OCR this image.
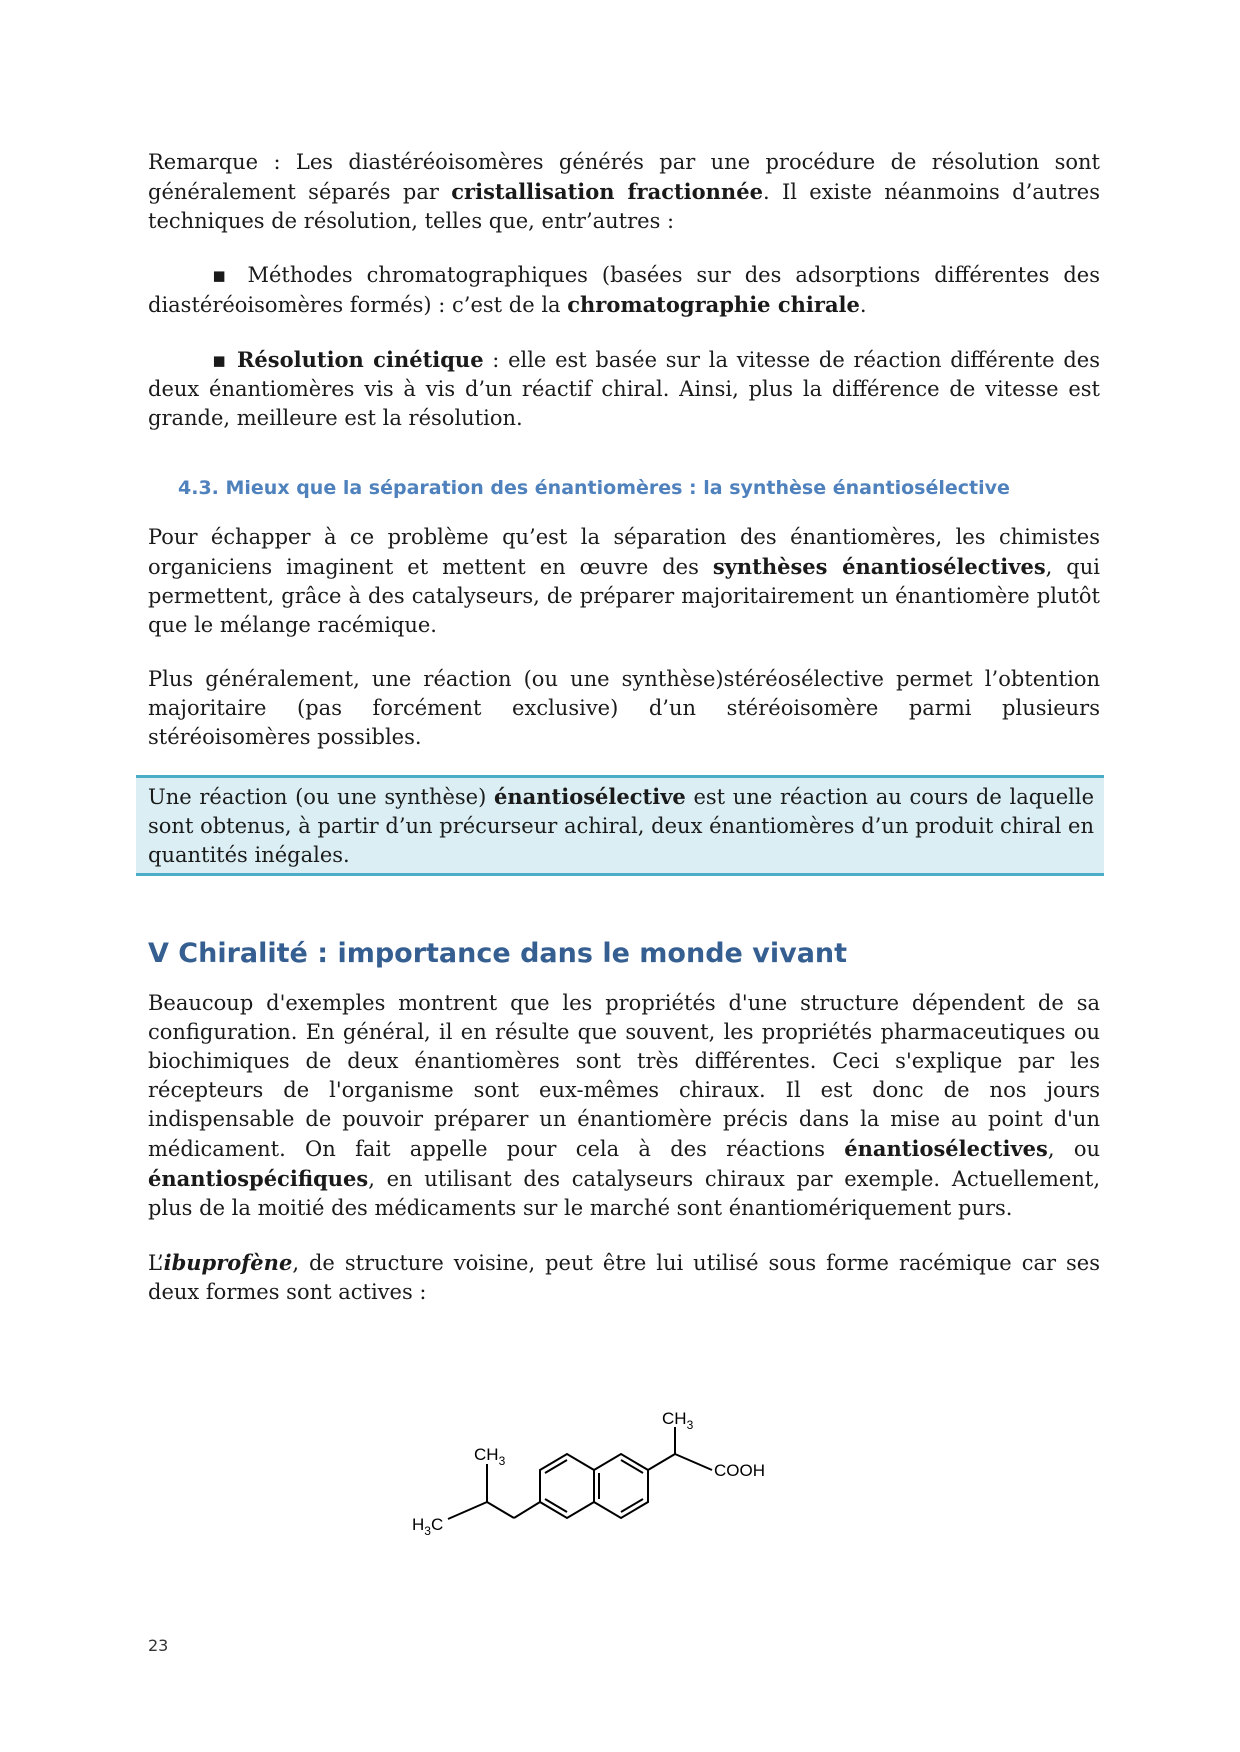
Remarque : Les diastéréoisomères générés par une procédure de résolution sont généralement séparés par cristallisation fractionnée. Il existe néanmoins d’autres techniques de résolution, telles que, entr’autres :

▪ Méthodes chromatographiques (basées sur des adsorptions différentes des diastéréoisomères formés) : c’est de la chromatographie chirale.

▪ Résolution cinétique : elle est basée sur la vitesse de réaction différente des deux énantiomères vis à vis d’un réactif chiral. Ainsi, plus la différence de vitesse est grande, meilleure est la résolution.

4.3. Mieux que la séparation des énantiomères : la synthèse énantiosélective

Pour échapper à ce problème qu’est la séparation des énantiomères, les chimistes organiciens imaginent et mettent en œuvre des synthèses énantiosélectives, qui permettent, grâce à des catalyseurs, de préparer majoritairement un énantiomère plutôt que le mélange racémique.

Plus généralement, une réaction (ou une synthèse)stéréosélective permet l’obtention majoritaire (pas forcément exclusive) d’un stéréoisomère parmi plusieurs stéréoisomères possibles.

Une réaction (ou une synthèse) énantiosélective est une réaction au cours de laquelle sont obtenus, à partir d’un précurseur achiral, deux énantiomères d’un produit chiral en quantités inégales.

V Chiralité : importance dans le monde vivant

Beaucoup d'exemples montrent que les propriétés d'une structure dépendent de sa configuration. En général, il en résulte que souvent, les propriétés pharmaceutiques ou biochimiques de deux énantiomères sont très différentes. Ceci s'explique par les récepteurs de l'organisme sont eux-mêmes chiraux. Il est donc de nos jours indispensable de pouvoir préparer un énantiomère précis dans la mise au point d'un médicament. On fait appelle pour cela à des réactions énantiosélectives, ou énantiospécifiques, en utilisant des catalyseurs chiraux par exemple. Actuellement, plus de la moitié des médicaments sur le marché sont énantiomériquement purs.

L’ibuprofène, de structure voisine, peut être lui utilisé sous forme racémique car ses deux formes sont actives :

$CH_3$
COOH
$CH_3$
$H_3C$
23
